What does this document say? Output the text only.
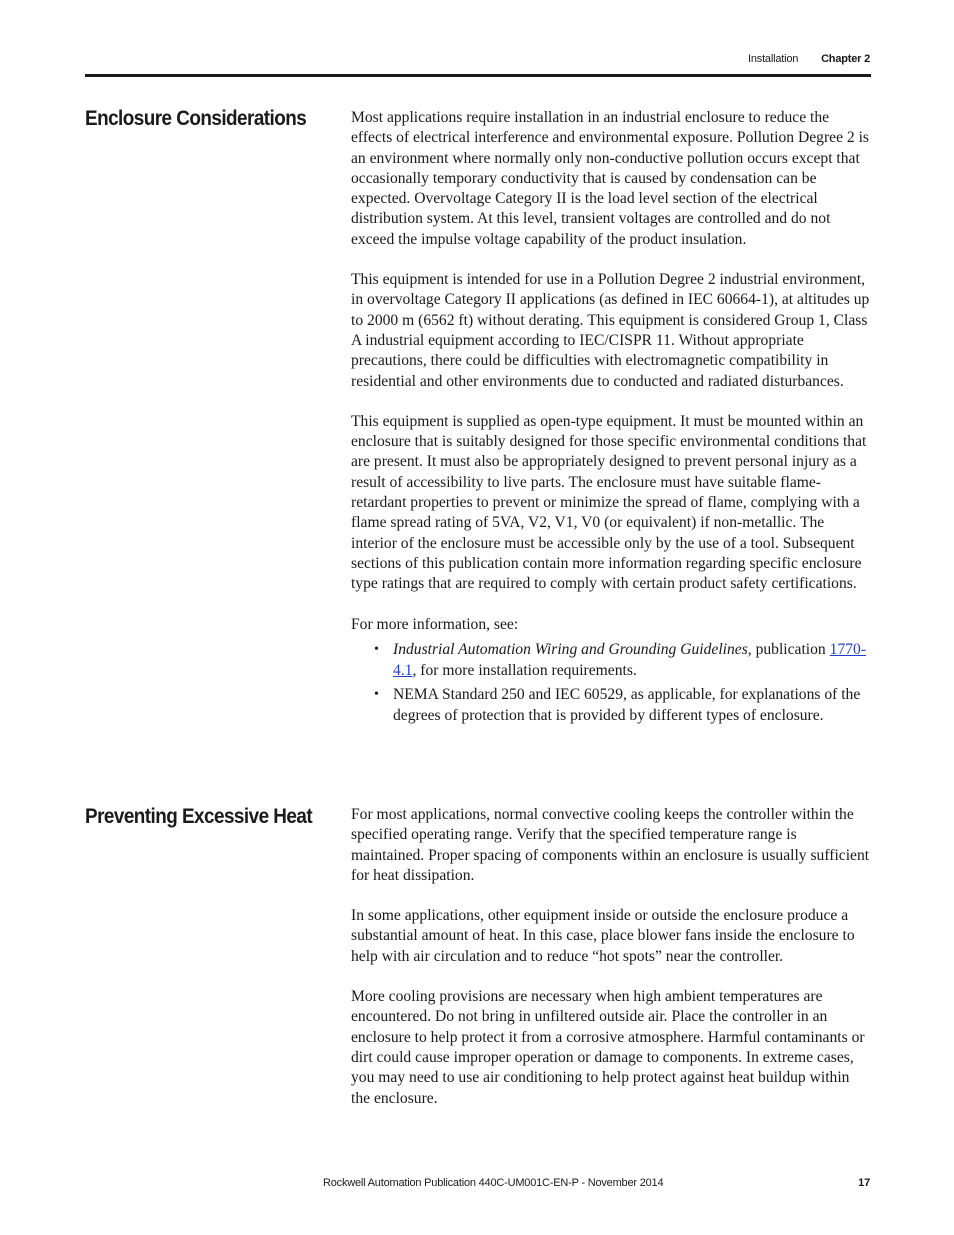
Installation Chapter 2
Enclosure Considerations	Most applications require installation in an industrial enclosure to reduce the effects of electrical interference and environmental exposure. Pollution Degree 2 is an environment where normally only non-conductive pollution occurs except that occasionally temporary conductivity that is caused by condensation can be expected. Overvoltage Category II is the load level section of the electrical distribution system. At this level, transient voltages are controlled and do not exceed the impulse voltage capability of the product insulation.

This equipment is intended for use in a Pollution Degree 2 industrial environment, in overvoltage Category II applications (as defined in IEC 60664-1), at altitudes up to 2000 m (6562 ft) without derating. This equipment is considered Group 1, Class A industrial equipment according to IEC/CISPR 11. Without appropriate precautions, there could be difficulties with electromagnetic compatibility in residential and other environments due to conducted and radiated disturbances.

This equipment is supplied as open-type equipment. It must be mounted within an enclosure that is suitably designed for those specific environmental conditions that are present. It must also be appropriately designed to prevent personal injury as a result of accessibility to live parts. The enclosure must have suitable flame-retardant properties to prevent or minimize the spread of flame, complying with a flame spread rating of 5VA, V2, V1, V0 (or equivalent) if non-metallic. The interior of the enclosure must be accessible only by the use of a tool. Subsequent sections of this publication contain more information regarding specific enclosure type ratings that are required to comply with certain product safety certifications.

For more information, see:

• Industrial Automation Wiring and Grounding Guidelines, publication 1770-4.1, for more installation requirements.
• NEMA Standard 250 and IEC 60529, as applicable, for explanations of the degrees of protection that is provided by different types of enclosure.
Preventing Excessive Heat For most applications, normal convective cooling keeps the controller within the specified operating range. Verify that the specified temperature range is maintained. Proper spacing of components within an enclosure is usually sufficient for heat dissipation.

In some applications, other equipment inside or outside the enclosure produce a substantial amount of heat. In this case, place blower fans inside the enclosure to help with air circulation and to reduce “hot spots” near the controller.

More cooling provisions are necessary when high ambient temperatures are encountered. Do not bring in unfiltered outside air. Place the controller in an enclosure to help protect it from a corrosive atmosphere. Harmful contaminants or dirt could cause improper operation or damage to components. In extreme cases, you may need to use air conditioning to help protect against heat buildup within the enclosure.

Rockwell Automation Publication 440C-UM001C-EN-P - November 2014	17
